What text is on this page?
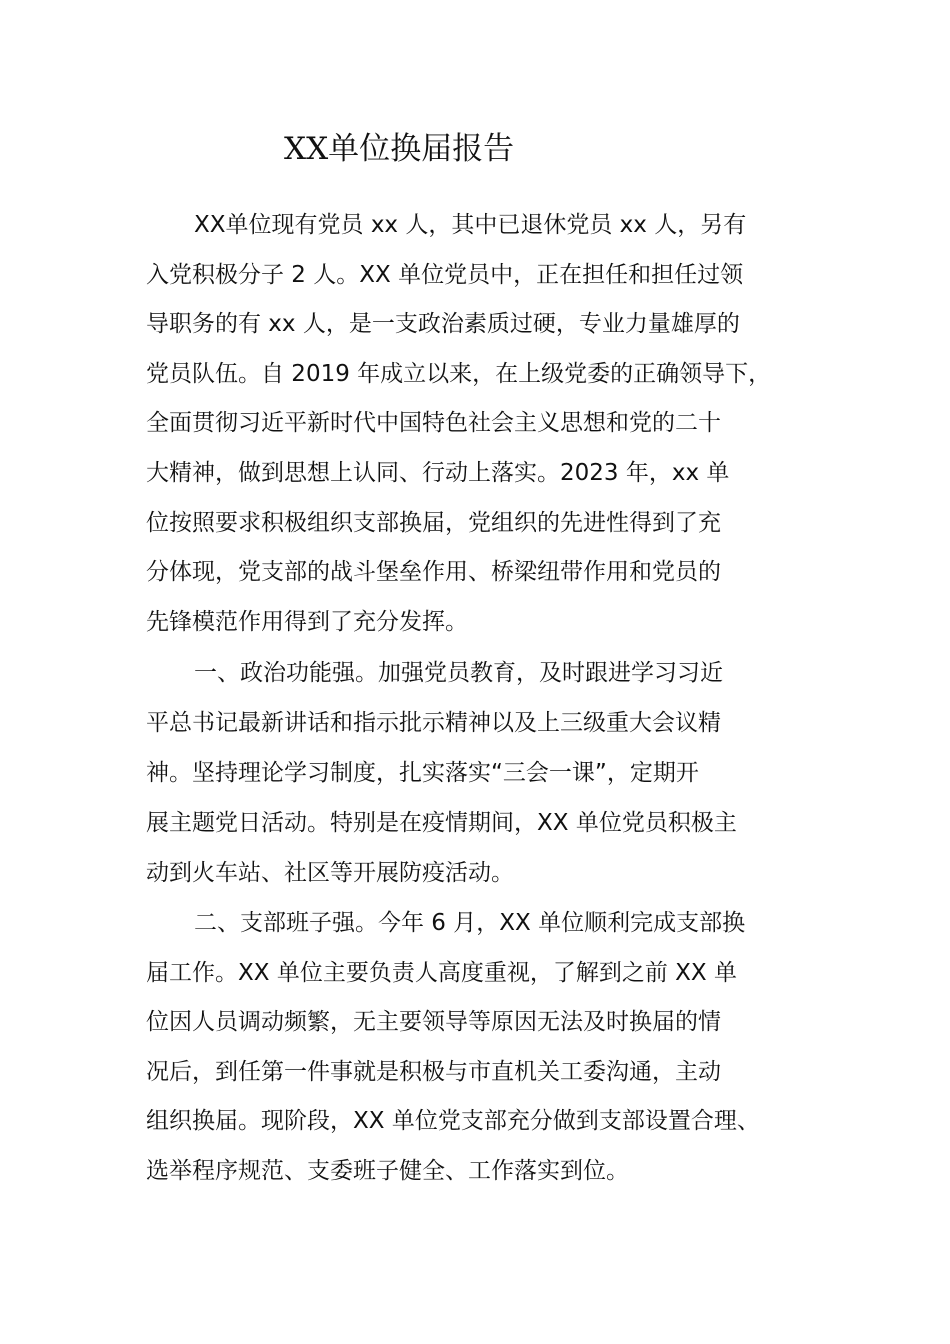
XX单位换届报告

XX单位现有党员 xx 人，其中已退休党员 xx 人，另有

入党积极分子 2 人。XX 单位党员中，正在担任和担任过领

导职务的有 xx 人，是一支政治素质过硬，专业力量雄厚的

党员队伍。自 2019 年成立以来，在上级党委的正确领导下，

全面贯彻习近平新时代中国特色社会主义思想和党的二十

大精神，做到思想上认同、行动上落实。2023 年，xx 单

位按照要求积极组织支部换届，党组织的先进性得到了充

分体现，党支部的战斗堡垒作用、桥梁纽带作用和党员的

先锋模范作用得到了充分发挥。

一、政治功能强。加强党员教育，及时跟进学习习近

平总书记最新讲话和指示批示精神以及上三级重大会议精

神。坚持理论学习制度，扎实落实“三会一课”，定期开

展主题党日活动。特别是在疫情期间，XX 单位党员积极主

动到火车站、社区等开展防疫活动。

二、支部班子强。今年 6 月，XX 单位顺利完成支部换

届工作。XX 单位主要负责人高度重视，了解到之前 XX 单

位因人员调动频繁，无主要领导等原因无法及时换届的情

况后，到任第一件事就是积极与市直机关工委沟通，主动

组织换届。现阶段，XX 单位党支部充分做到支部设置合理、

选举程序规范、支委班子健全、工作落实到位。
